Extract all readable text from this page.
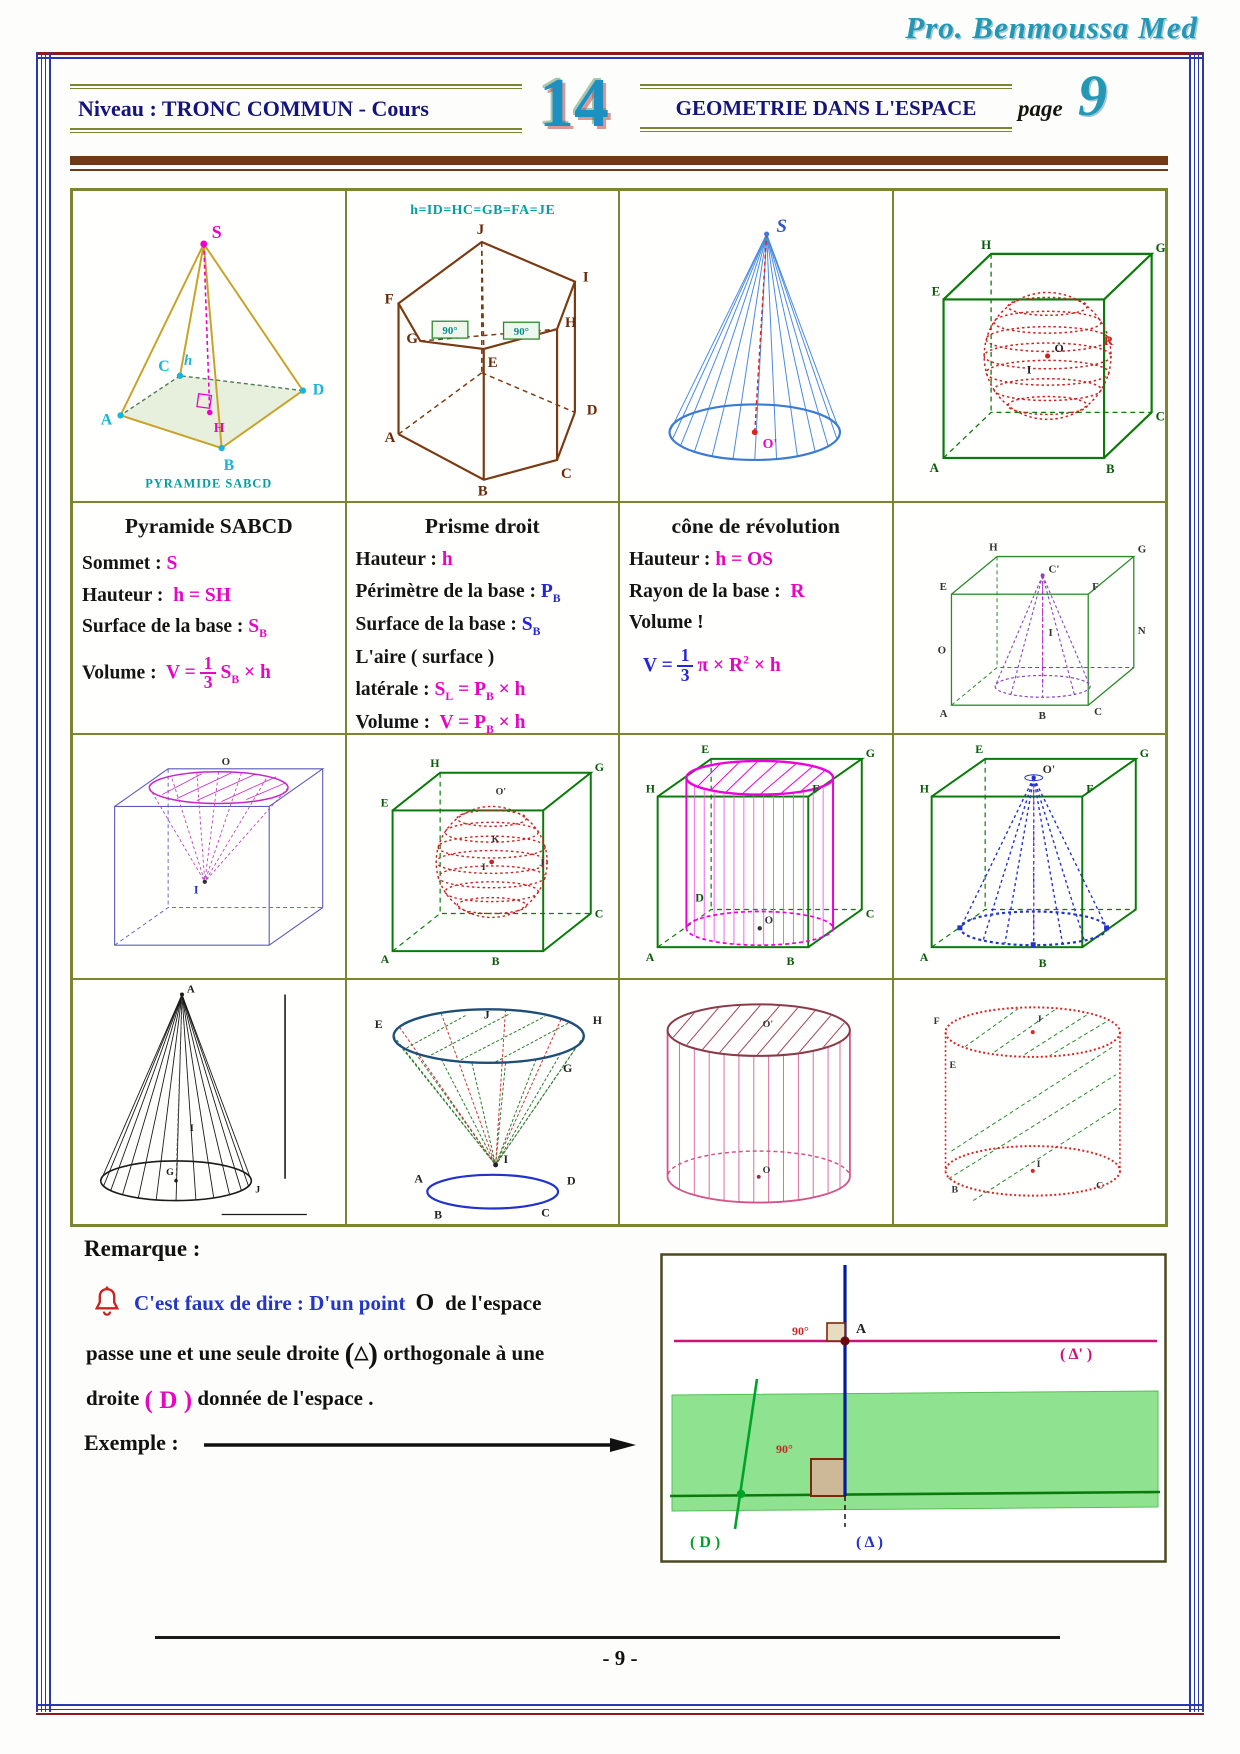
Pro. Benmoussa Med
Niveau : TRONC COMMUN - Cours	14	GEOMETRIE DANS L'ESPACE	page 9
S
C h
A
H
B
D
PYRAMIDE SABCD
h=ID=HC=GB=FA=JE
90°	90°
J
I
F
H
G
E
A
B
C
D
S
O'
E
H	G
A	B
C
O
I
R
Pyramide SABCD
Sommet : S
Hauteur : h = SH
Surface de la base : $S_B$
Volume : $V = \frac{1}{3} S_B \times h$
Prisme droit
Hauteur : h
Périmètre de la base : $P_B$
Surface de la base : $S_B$
L'aire ( surface )
latérale : $S_L = P_B \times h$
Volume : $V = P_B \times h$
cône de révolution
Hauteur : h = OS
Rayon de la base : R
Volume !
$V = \frac{1}{3}$ $\pi \times R^2 \times h$
H
C'
G
E	F
O
N
I
A	B	C
O
I
E
H	G
A	B
C
O'
K
I	J
H
G
E
F
A	B
C
D
O
H
E
F
G
A	B
O'
A
I
G
J
E
J	H
G
I
A	D
B	C
O'
O
F
E
J
I
B	C
Remarque :
C'est faux de dire : D'un point O de l'espace
passe une et une seule droite (△) orthogonale à une
droite ( D ) donnée de l'espace .
Exemple :
90°	A
( Δ' )
90°
( D )	( Δ )
- 9 -
